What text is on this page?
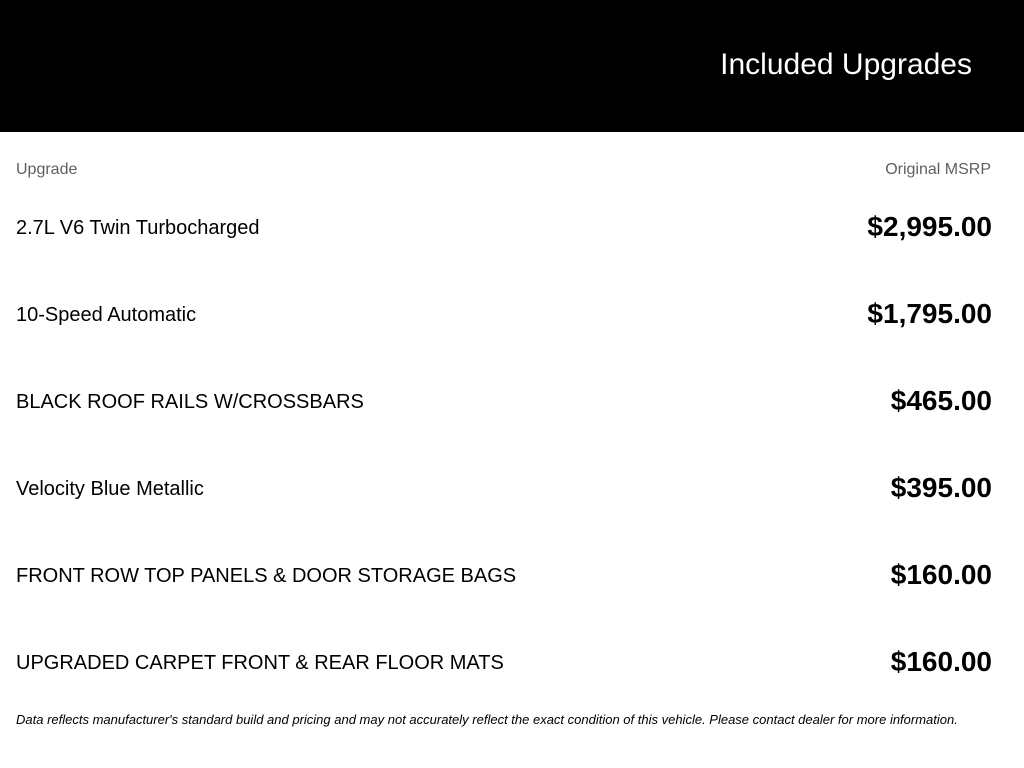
Included Upgrades
Upgrade	Original MSRP
2.7L V6 Twin Turbocharged	$2,995.00
10-Speed Automatic	$1,795.00
BLACK ROOF RAILS W/CROSSBARS	$465.00
Velocity Blue Metallic	$395.00
FRONT ROW TOP PANELS & DOOR STORAGE BAGS	$160.00
UPGRADED CARPET FRONT & REAR FLOOR MATS	$160.00
Data reflects manufacturer's standard build and pricing and may not accurately reflect the exact condition of this vehicle. Please contact dealer for more information.
